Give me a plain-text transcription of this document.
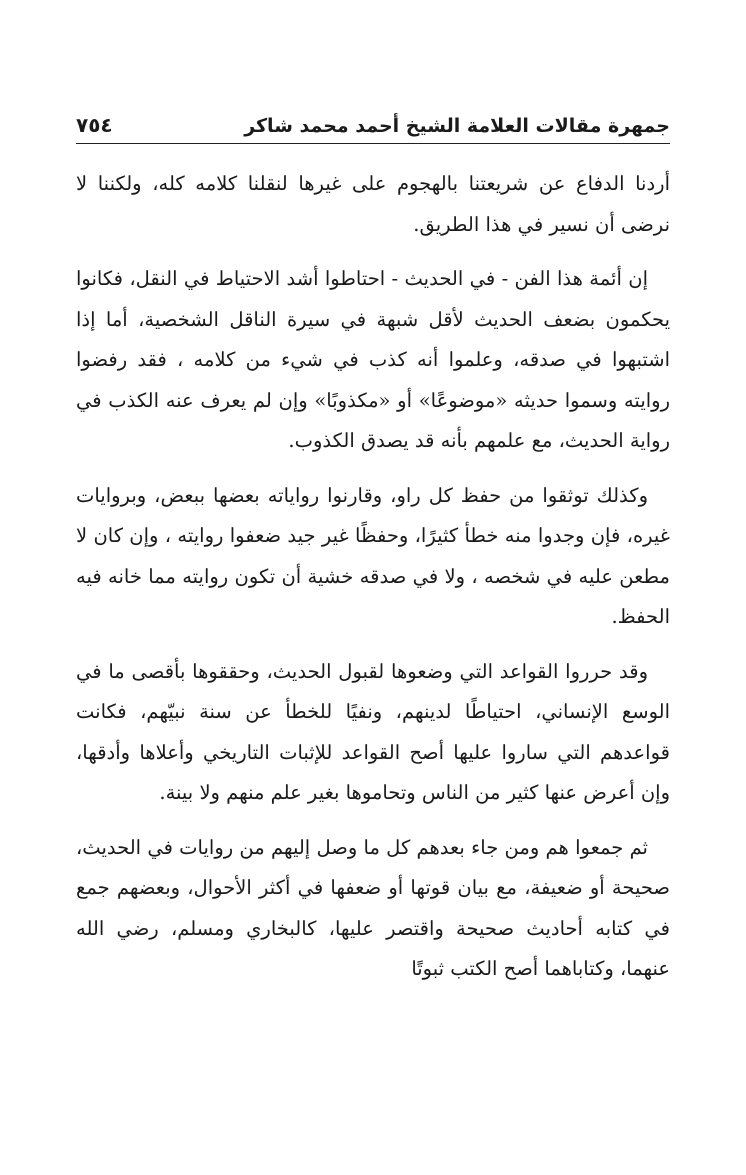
جمهرة مقالات العلامة الشيخ أحمد محمد شاكر
٧٥٤

أردنا الدفاع عن شريعتنا بالهجوم على غيرها لنقلنا كلامه كله، ولكننا لا نرضى أن نسير في هذا الطريق.

إن أئمة هذا الفن - في الحديث - احتاطوا أشد الاحتياط في النقل، فكانوا يحكمون بضعف الحديث لأقل شبهة في سيرة الناقل الشخصية، أما إذا اشتبهوا في صدقه، وعلموا أنه كذب في شيء من كلامه ، فقد رفضوا روايته وسموا حديثه «موضوعًا» أو «مكذوبًا» وإن لم يعرف عنه الكذب في رواية الحديث، مع علمهم بأنه قد يصدق الكذوب.

وكذلك توثقوا من حفظ كل راو، وقارنوا رواياته بعضها ببعض، وبروايات غيره، فإن وجدوا منه خطأ كثيرًا، وحفظًا غير جيد ضعفوا روايته ، وإن كان لا مطعن عليه في شخصه ، ولا في صدقه خشية أن تكون روايته مما خانه فيه الحفظ.

وقد حرروا القواعد التي وضعوها لقبول الحديث، وحققوها بأقصى ما في الوسع الإنساني، احتياطًا لدينهم، ونفيًا للخطأ عن سنة نبيّهم، فكانت قواعدهم التي ساروا عليها أصح القواعد للإثبات التاريخي وأعلاها وأدقها، وإن أعرض عنها كثير من الناس وتحاموها بغير علم منهم ولا بينة.

ثم جمعوا هم ومن جاء بعدهم كل ما وصل إليهم من روايات في الحديث، صحيحة أو ضعيفة، مع بيان قوتها أو ضعفها في أكثر الأحوال، وبعضهم جمع في كتابه أحاديث صحيحة واقتصر عليها، كالبخاري ومسلم، رضي الله عنهما، وكتاباهما أصح الكتب ثبوتًا
